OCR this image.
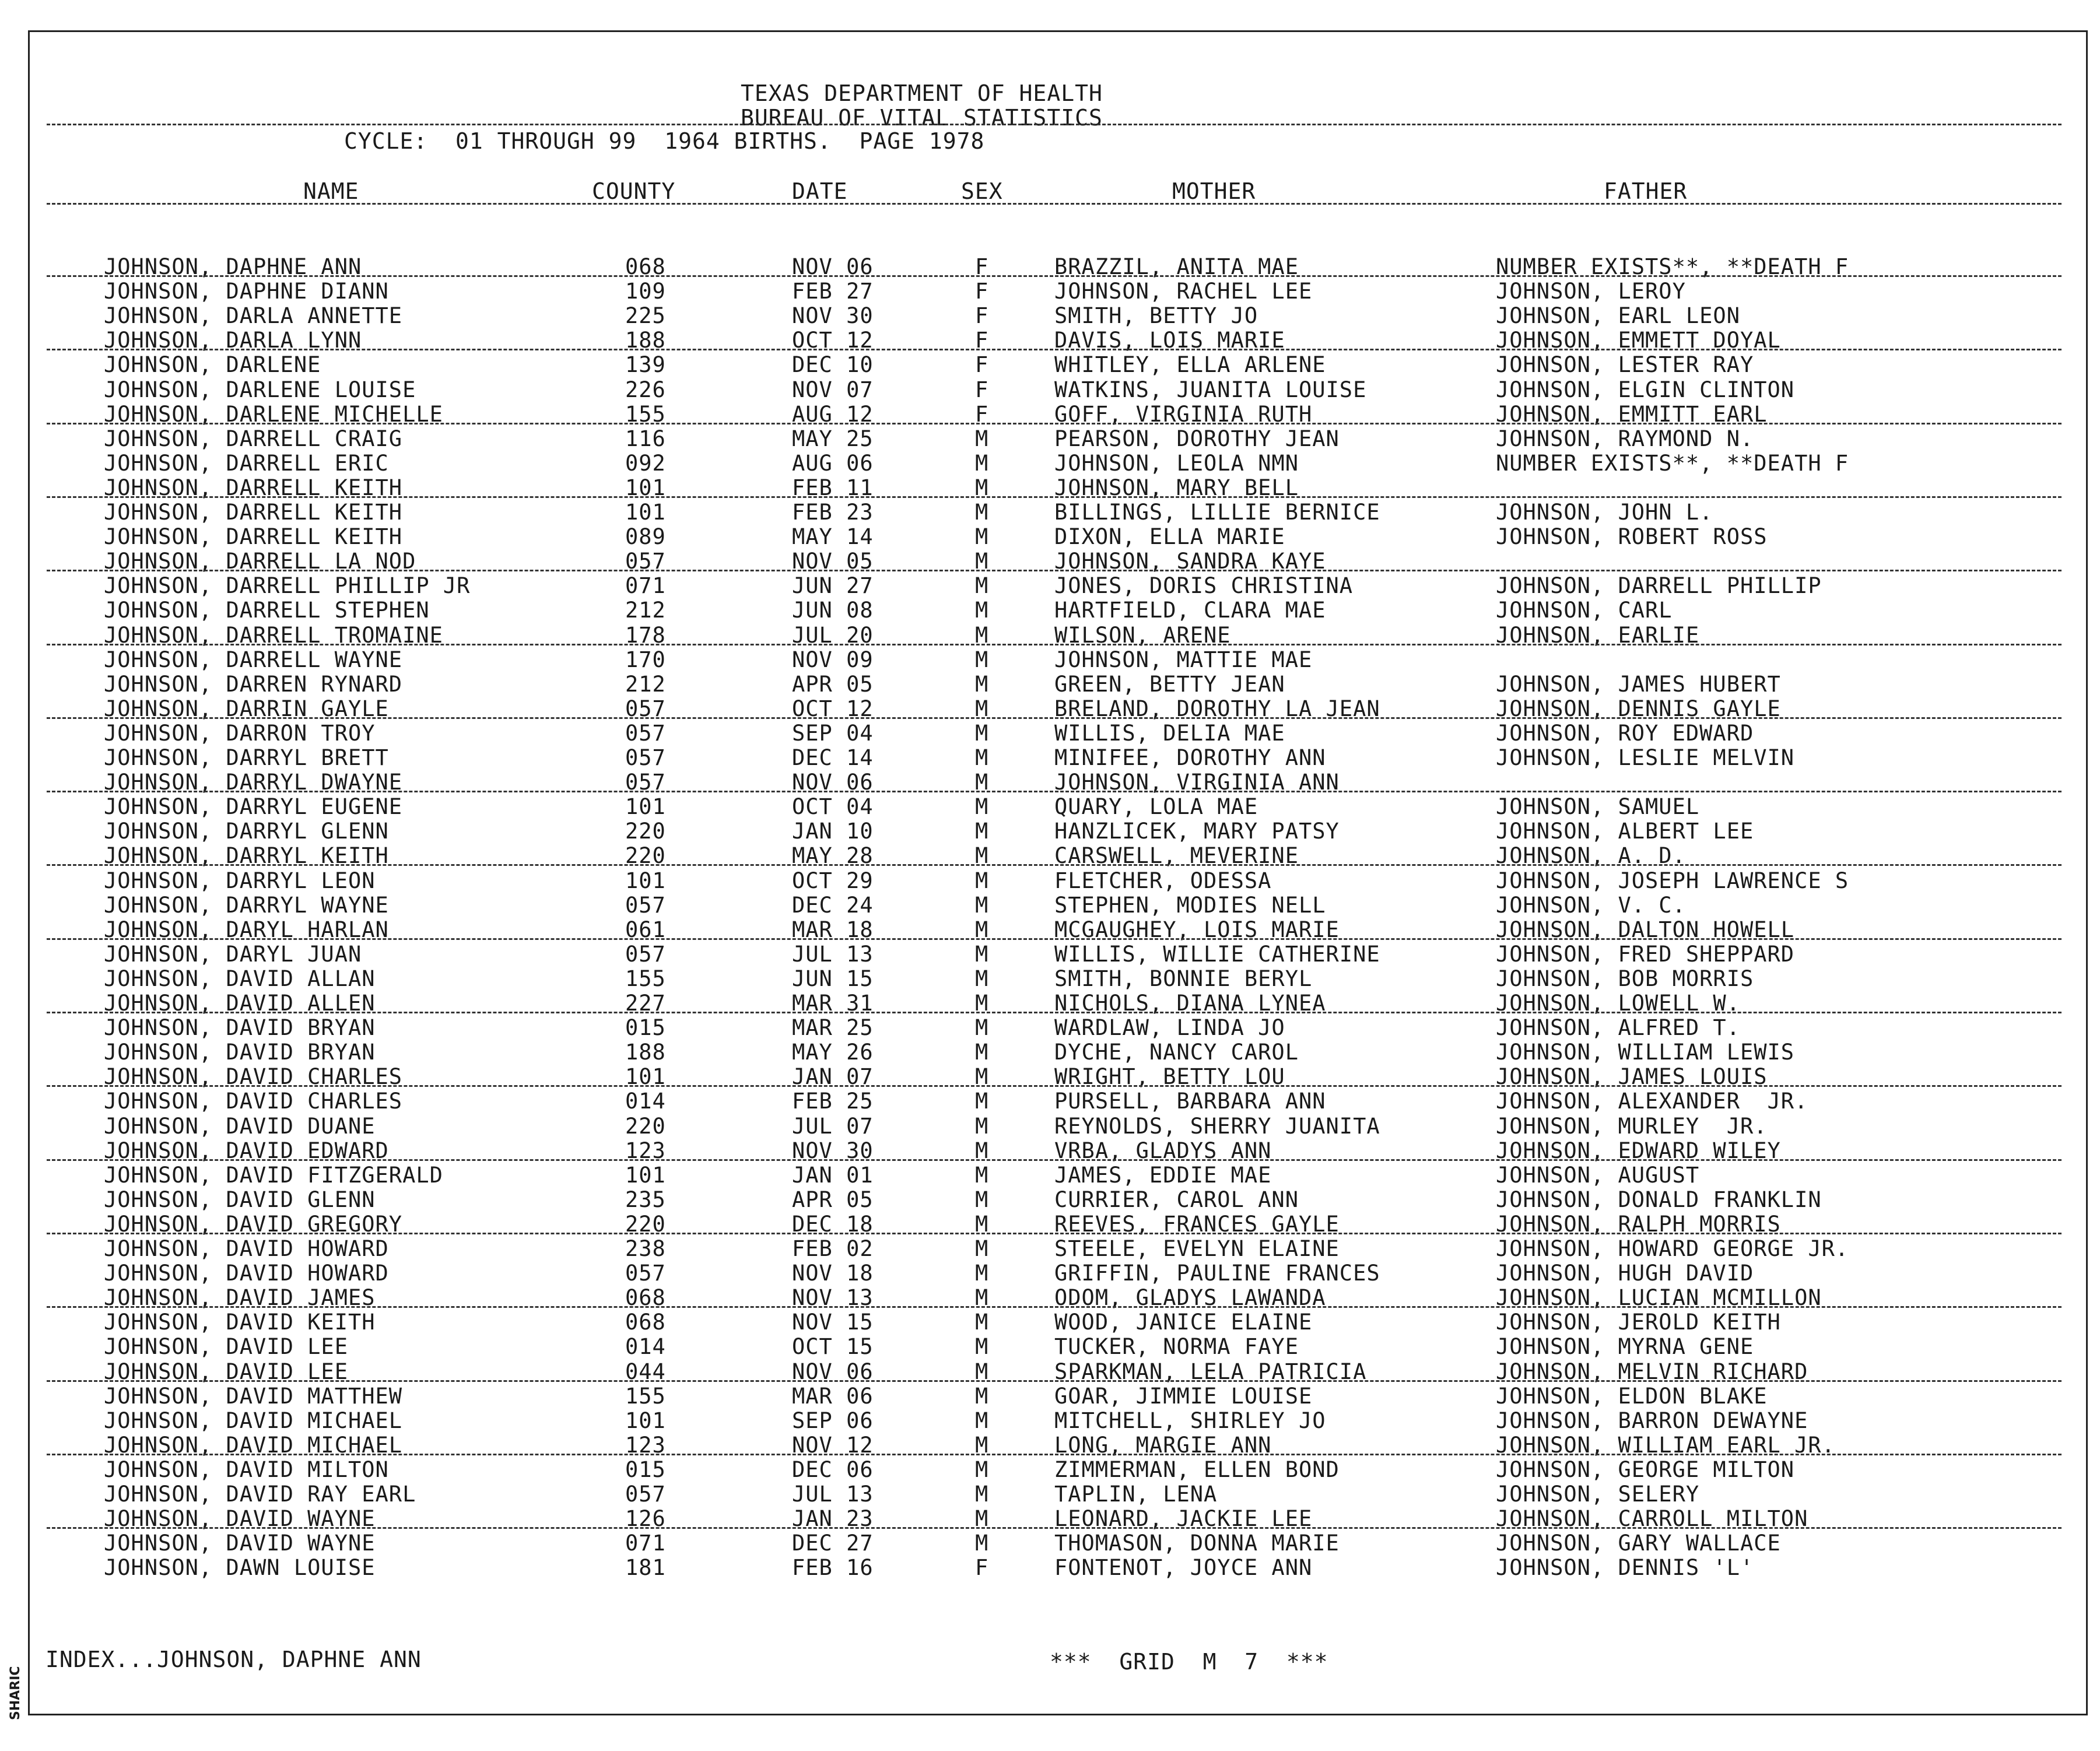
TEXAS DEPARTMENT OF HEALTH
BUREAU OF VITAL STATISTICS
CYCLE:  01 THROUGH 99  1964 BIRTHS.  PAGE 1978
NAME	COUNTY	DATE	SEX	MOTHER	FATHER
JOHNSON, DAPHNE ANN	068	NOV 06	F	BRAZZIL, ANITA MAE	NUMBER EXISTS**, **DEATH F
JOHNSON, DAPHNE DIANN	109	FEB 27	F	JOHNSON, RACHEL LEE	JOHNSON, LEROY
JOHNSON, DARLA ANNETTE	225	NOV 30	F	SMITH, BETTY JO	JOHNSON, EARL LEON
JOHNSON, DARLA LYNN	188	OCT 12	F	DAVIS, LOIS MARIE	JOHNSON, EMMETT DOYAL
JOHNSON, DARLENE	139	DEC 10	F	WHITLEY, ELLA ARLENE	JOHNSON, LESTER RAY
JOHNSON, DARLENE LOUISE	226	NOV 07	F	WATKINS, JUANITA LOUISE	JOHNSON, ELGIN CLINTON
JOHNSON, DARLENE MICHELLE	155	AUG 12	F	GOFF, VIRGINIA RUTH	JOHNSON, EMMITT EARL
JOHNSON, DARRELL CRAIG	116	MAY 25	M	PEARSON, DOROTHY JEAN	JOHNSON, RAYMOND N.
JOHNSON, DARRELL ERIC	092	AUG 06	M	JOHNSON, LEOLA NMN	NUMBER EXISTS**, **DEATH F
JOHNSON, DARRELL KEITH	101	FEB 11	M	JOHNSON, MARY BELL
JOHNSON, DARRELL KEITH	101	FEB 23	M	BILLINGS, LILLIE BERNICE	JOHNSON, JOHN L.
JOHNSON, DARRELL KEITH	089	MAY 14	M	DIXON, ELLA MARIE	JOHNSON, ROBERT ROSS
JOHNSON, DARRELL LA NOD	057	NOV 05	M	JOHNSON, SANDRA KAYE
JOHNSON, DARRELL PHILLIP JR	071	JUN 27	M	JONES, DORIS CHRISTINA	JOHNSON, DARRELL PHILLIP
JOHNSON, DARRELL STEPHEN	212	JUN 08	M	HARTFIELD, CLARA MAE	JOHNSON, CARL
JOHNSON, DARRELL TROMAINE	178	JUL 20	M	WILSON, ARENE	JOHNSON, EARLIE
JOHNSON, DARRELL WAYNE	170	NOV 09	M	JOHNSON, MATTIE MAE
JOHNSON, DARREN RYNARD	212	APR 05	M	GREEN, BETTY JEAN	JOHNSON, JAMES HUBERT
JOHNSON, DARRIN GAYLE	057	OCT 12	M	BRELAND, DOROTHY LA JEAN	JOHNSON, DENNIS GAYLE
JOHNSON, DARRON TROY	057	SEP 04	M	WILLIS, DELIA MAE	JOHNSON, ROY EDWARD
JOHNSON, DARRYL BRETT	057	DEC 14	M	MINIFEE, DOROTHY ANN	JOHNSON, LESLIE MELVIN
JOHNSON, DARRYL DWAYNE	057	NOV 06	M	JOHNSON, VIRGINIA ANN
JOHNSON, DARRYL EUGENE	101	OCT 04	M	QUARY, LOLA MAE	JOHNSON, SAMUEL
JOHNSON, DARRYL GLENN	220	JAN 10	M	HANZLICEK, MARY PATSY	JOHNSON, ALBERT LEE
JOHNSON, DARRYL KEITH	220	MAY 28	M	CARSWELL, MEVERINE	JOHNSON, A. D.
JOHNSON, DARRYL LEON	101	OCT 29	M	FLETCHER, ODESSA	JOHNSON, JOSEPH LAWRENCE S
JOHNSON, DARRYL WAYNE	057	DEC 24	M	STEPHEN, MODIES NELL	JOHNSON, V. C.
JOHNSON, DARYL HARLAN	061	MAR 18	M	MCGAUGHEY, LOIS MARIE	JOHNSON, DALTON HOWELL
JOHNSON, DARYL JUAN	057	JUL 13	M	WILLIS, WILLIE CATHERINE	JOHNSON, FRED SHEPPARD
JOHNSON, DAVID ALLAN	155	JUN 15	M	SMITH, BONNIE BERYL	JOHNSON, BOB MORRIS
JOHNSON, DAVID ALLEN	227	MAR 31	M	NICHOLS, DIANA LYNEA	JOHNSON, LOWELL W.
JOHNSON, DAVID BRYAN	015	MAR 25	M	WARDLAW, LINDA JO	JOHNSON, ALFRED T.
JOHNSON, DAVID BRYAN	188	MAY 26	M	DYCHE, NANCY CAROL	JOHNSON, WILLIAM LEWIS
JOHNSON, DAVID CHARLES	101	JAN 07	M	WRIGHT, BETTY LOU	JOHNSON, JAMES LOUIS
JOHNSON, DAVID CHARLES	014	FEB 25	M	PURSELL, BARBARA ANN	JOHNSON, ALEXANDER  JR.
JOHNSON, DAVID DUANE	220	JUL 07	M	REYNOLDS, SHERRY JUANITA	JOHNSON, MURLEY  JR.
JOHNSON, DAVID EDWARD	123	NOV 30	M	VRBA, GLADYS ANN	JOHNSON, EDWARD WILEY
JOHNSON, DAVID FITZGERALD	101	JAN 01	M	JAMES, EDDIE MAE	JOHNSON, AUGUST
JOHNSON, DAVID GLENN	235	APR 05	M	CURRIER, CAROL ANN	JOHNSON, DONALD FRANKLIN
JOHNSON, DAVID GREGORY	220	DEC 18	M	REEVES, FRANCES GAYLE	JOHNSON, RALPH MORRIS
JOHNSON, DAVID HOWARD	238	FEB 02	M	STEELE, EVELYN ELAINE	JOHNSON, HOWARD GEORGE JR.
JOHNSON, DAVID HOWARD	057	NOV 18	M	GRIFFIN, PAULINE FRANCES	JOHNSON, HUGH DAVID
JOHNSON, DAVID JAMES	068	NOV 13	M	ODOM, GLADYS LAWANDA	JOHNSON, LUCIAN MCMILLON
JOHNSON, DAVID KEITH	068	NOV 15	M	WOOD, JANICE ELAINE	JOHNSON, JEROLD KEITH
JOHNSON, DAVID LEE	014	OCT 15	M	TUCKER, NORMA FAYE	JOHNSON, MYRNA GENE
JOHNSON, DAVID LEE	044	NOV 06	M	SPARKMAN, LELA PATRICIA	JOHNSON, MELVIN RICHARD
JOHNSON, DAVID MATTHEW	155	MAR 06	M	GOAR, JIMMIE LOUISE	JOHNSON, ELDON BLAKE
JOHNSON, DAVID MICHAEL	101	SEP 06	M	MITCHELL, SHIRLEY JO	JOHNSON, BARRON DEWAYNE
JOHNSON, DAVID MICHAEL	123	NOV 12	M	LONG, MARGIE ANN	JOHNSON, WILLIAM EARL JR.
JOHNSON, DAVID MILTON	015	DEC 06	M	ZIMMERMAN, ELLEN BOND	JOHNSON, GEORGE MILTON
JOHNSON, DAVID RAY EARL	057	JUL 13	M	TAPLIN, LENA	JOHNSON, SELERY
JOHNSON, DAVID WAYNE	126	JAN 23	M	LEONARD, JACKIE LEE	JOHNSON, CARROLL MILTON
JOHNSON, DAVID WAYNE	071	DEC 27	M	THOMASON, DONNA MARIE	JOHNSON, GARY WALLACE
JOHNSON, DAWN LOUISE	181	FEB 16	F	FONTENOT, JOYCE ANN	JOHNSON, DENNIS 'L'
INDEX...JOHNSON, DAPHNE ANN	***  GRID  M  7  ***
SHARIC
